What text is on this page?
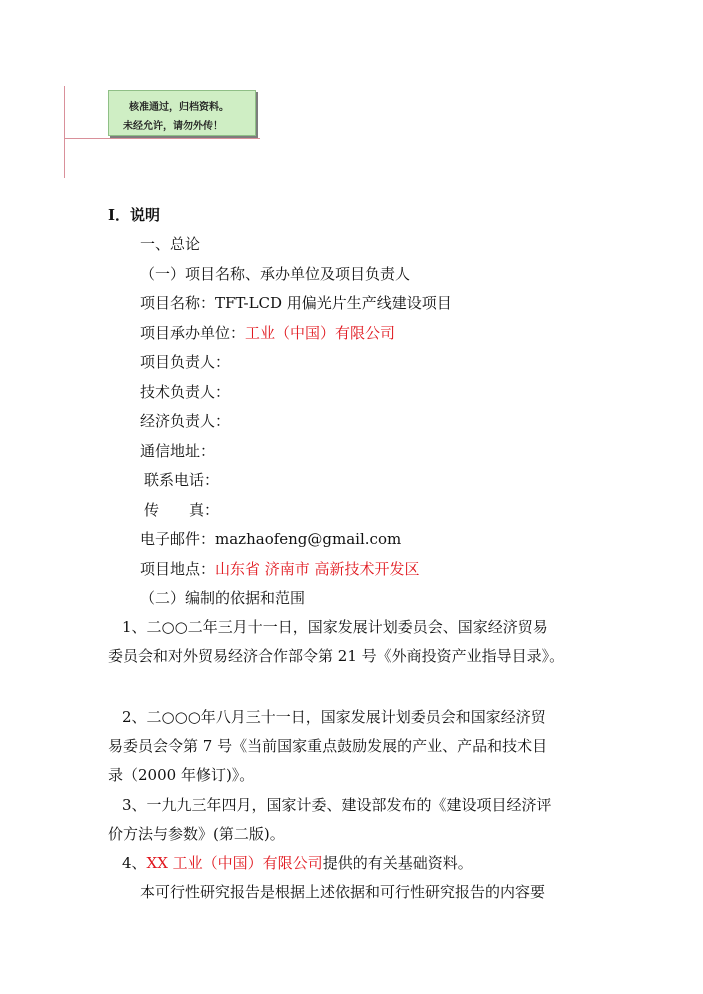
核准通过，归档资料。
未经允许，请勿外传！
Ⅰ．说明
一、总论
（一）项目名称、承办单位及项目负责人
项目名称：TFT-LCD 用偏光片生产线建设项目
项目承办单位：工业（中国）有限公司
项目负责人：
技术负责人：
经济负责人：
通信地址：
联系电话：
传　　真：
电子邮件：mazhaofeng@gmail.com
项目地点：山东省 济南市 高新技术开发区
（二）编制的依据和范围
1、二○○二年三月十一日，国家发展计划委员会、国家经济贸易
委员会和对外贸易经济合作部令第 21 号《外商投资产业指导目录》。
2、二○○○年八月三十一日，国家发展计划委员会和国家经济贸
易委员会令第 7 号《当前国家重点鼓励发展的产业、产品和技术目
录（2000 年修订)》。
3、一九九三年四月，国家计委、建设部发布的《建设项目经济评
价方法与参数》(第二版)。
4、XX 工业（中国）有限公司提供的有关基础资料。
本可行性研究报告是根据上述依据和可行性研究报告的内容要
